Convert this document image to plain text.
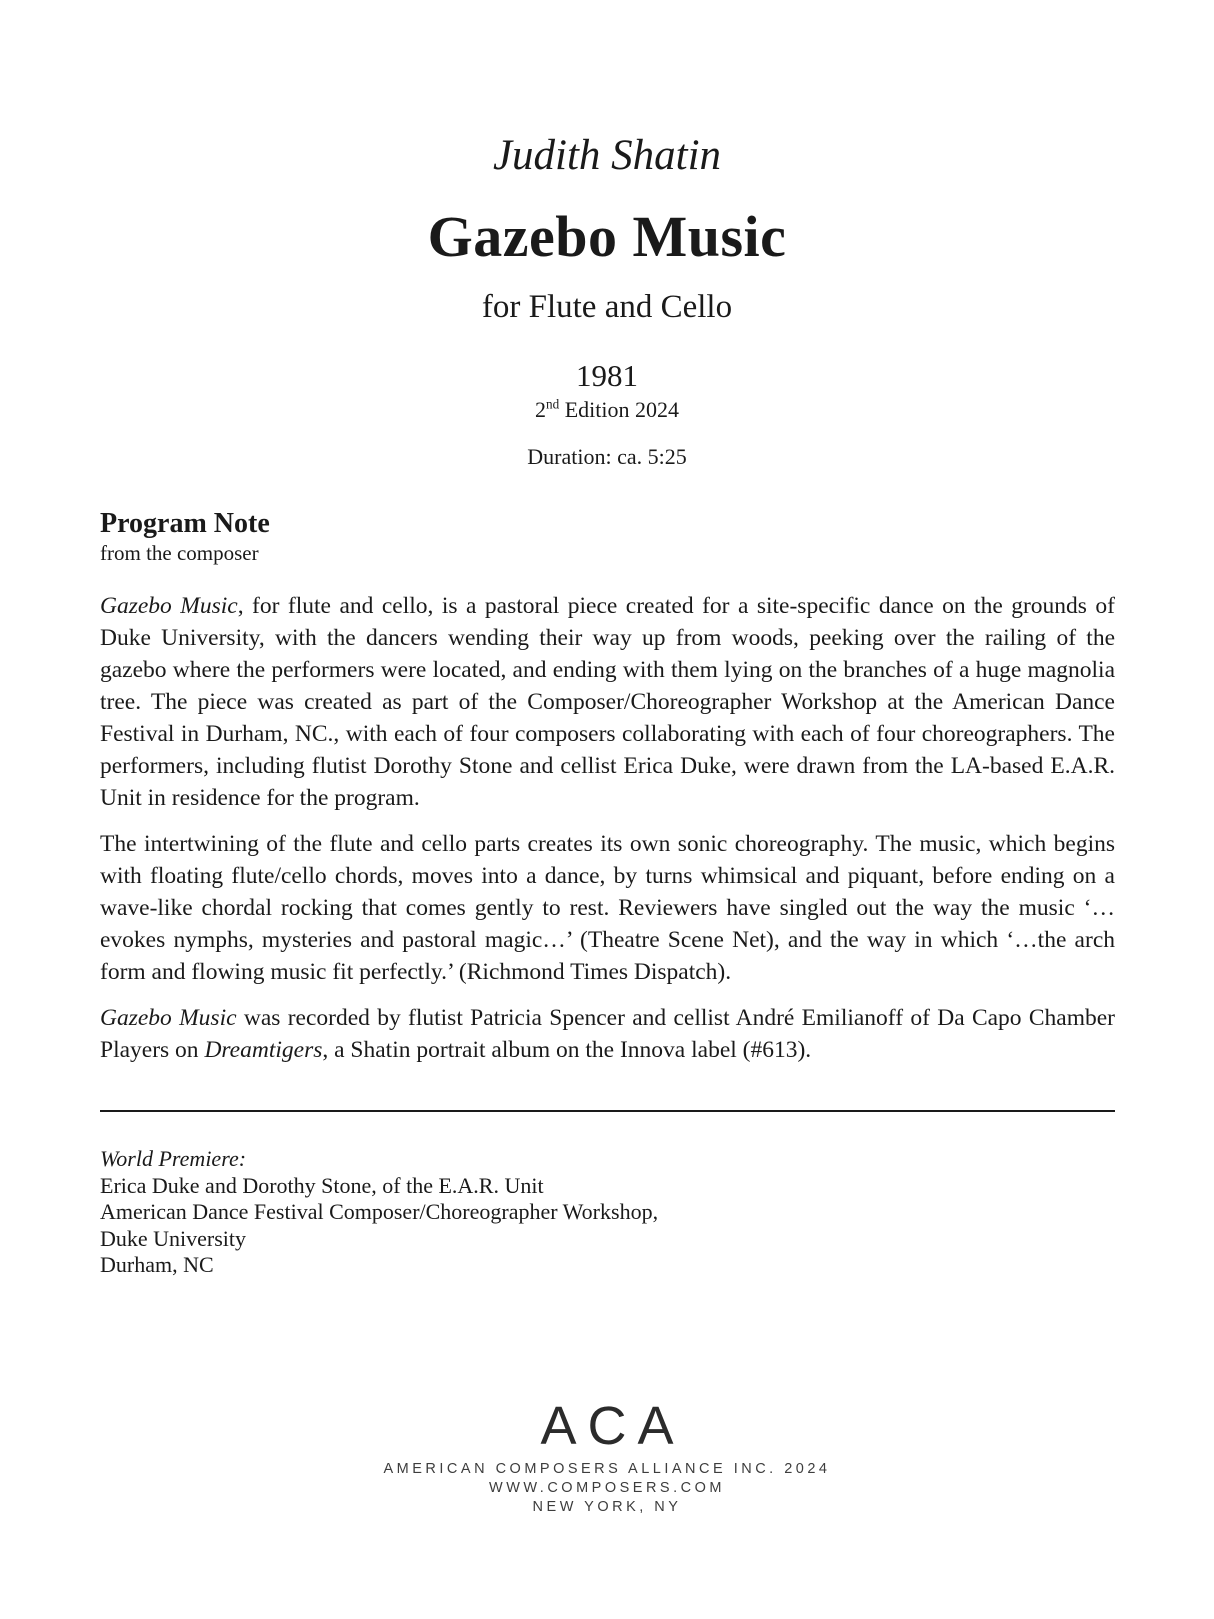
Judith Shatin
Gazebo Music
for Flute and Cello
1981
2nd Edition 2024
Duration: ca. 5:25
Program Note
from the composer

Gazebo Music, for flute and cello, is a pastoral piece created for a site-specific dance on the grounds of Duke University, with the dancers wending their way up from woods, peeking over the railing of the gazebo where the performers were located, and ending with them lying on the branches of a huge magnolia tree. The piece was created as part of the Composer/Choreographer Workshop at the American Dance Festival in Durham, NC., with each of four composers collaborating with each of four choreographers. The performers, including flutist Dorothy Stone and cellist Erica Duke, were drawn from the LA-based E.A.R. Unit in residence for the program.

The intertwining of the flute and cello parts creates its own sonic choreography. The music, which begins with floating flute/cello chords, moves into a dance, by turns whimsical and piquant, before ending on a wave-like chordal rocking that comes gently to rest. Reviewers have singled out the way the music ‘…evokes nymphs, mysteries and pastoral magic…’ (Theatre Scene Net), and the way in which ‘…the arch form and flowing music fit perfectly.’ (Richmond Times Dispatch).

Gazebo Music was recorded by flutist Patricia Spencer and cellist André Emilianoff of Da Capo Chamber Players on Dreamtigers, a Shatin portrait album on the Innova label (#613).

World Premiere:
Erica Duke and Dorothy Stone, of the E.A.R. Unit
American Dance Festival Composer/Choreographer Workshop,
Duke University
Durham, NC
ACA
AMERICAN COMPOSERS ALLIANCE INC. 2024
WWW.COMPOSERS.COM
NEW YORK, NY
